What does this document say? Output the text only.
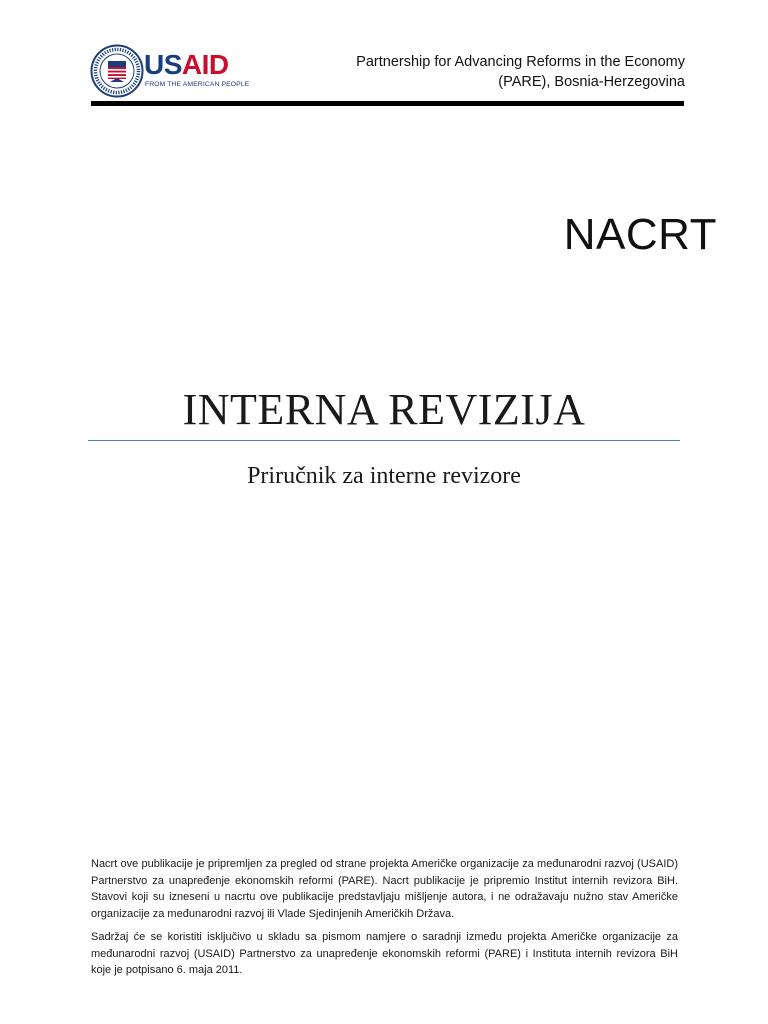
USAID
FROM THE AMERICAN PEOPLE
Partnership for Advancing Reforms in the Economy
(PARE), Bosnia-Herzegovina
NACRT
INTERNA REVIZIJA
Priručnik za interne revizore

Nacrt ove publikacije je pripremljen za pregled od strane projekta Američke organizacije za međunarodni razvoj (USAID) Partnerstvo za unapređenje ekonomskih reformi (PARE). Nacrt publikacije je pripremio Institut internih revizora BiH. Stavovi koji su izneseni u nacrtu ove publikacije predstavljaju mišljenje autora, i ne odražavaju nužno stav Američke organizacije za međunarodni razvoj ili Vlade Sjedinjenih Američkih Država.

Sadržaj će se koristiti isključivo u skladu sa pismom namjere o saradnji između projekta Američke organizacije za međunarodni razvoj (USAID) Partnerstvo za unapređenje ekonomskih reformi (PARE) i Instituta internih revizora BiH koje je potpisano 6. maja 2011.
